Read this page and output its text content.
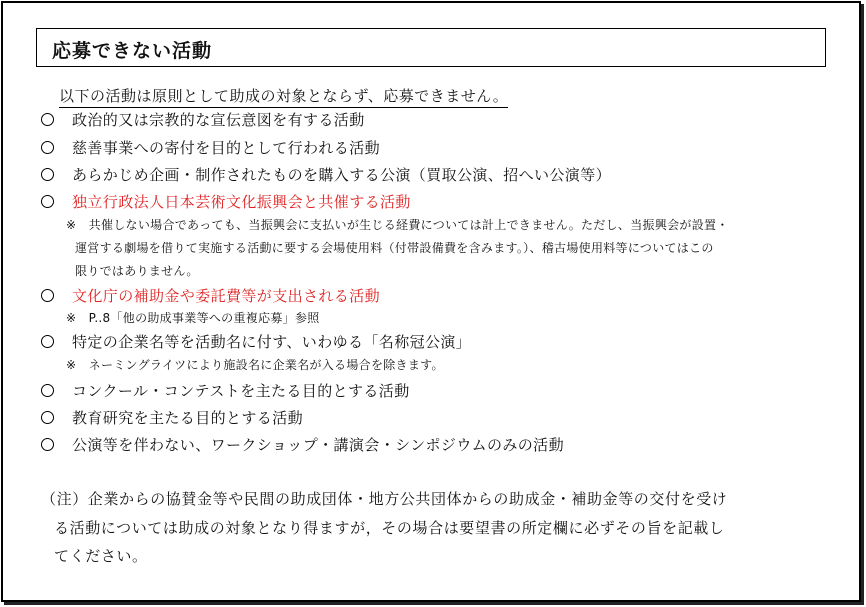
応募できない活動
以下の活動は原則として助成の対象とならず、応募できません。
政治的又は宗教的な宣伝意図を有する活動
慈善事業への寄付を目的として行われる活動
あらかじめ企画・制作されたものを購入する公演（買取公演、招へい公演等）
独立行政法人日本芸術文化振興会と共催する活動
※　共催しない場合であっても、当振興会に支払いが生じる経費については計上できません。ただし、当振興会が設置・
運営する劇場を借りて実施する活動に要する会場使用料（付帯設備費を含みます。）、稽古場使用料等についてはこの
限りではありません。
文化庁の補助金や委託費等が支出される活動
※　P..8「他の助成事業等への重複応募」参照
特定の企業名等を活動名に付す、いわゆる「名称冠公演」
※　ネーミングライツにより施設名に企業名が入る場合を除きます。
コンクール・コンテストを主たる目的とする活動
教育研究を主たる目的とする活動
公演等を伴わない、ワークショップ・講演会・シンポジウムのみの活動
（注）企業からの協賛金等や民間の助成団体・地方公共団体からの助成金・補助金等の交付を受け
る活動については助成の対象となり得ますが，その場合は要望書の所定欄に必ずその旨を記載し
てください。
